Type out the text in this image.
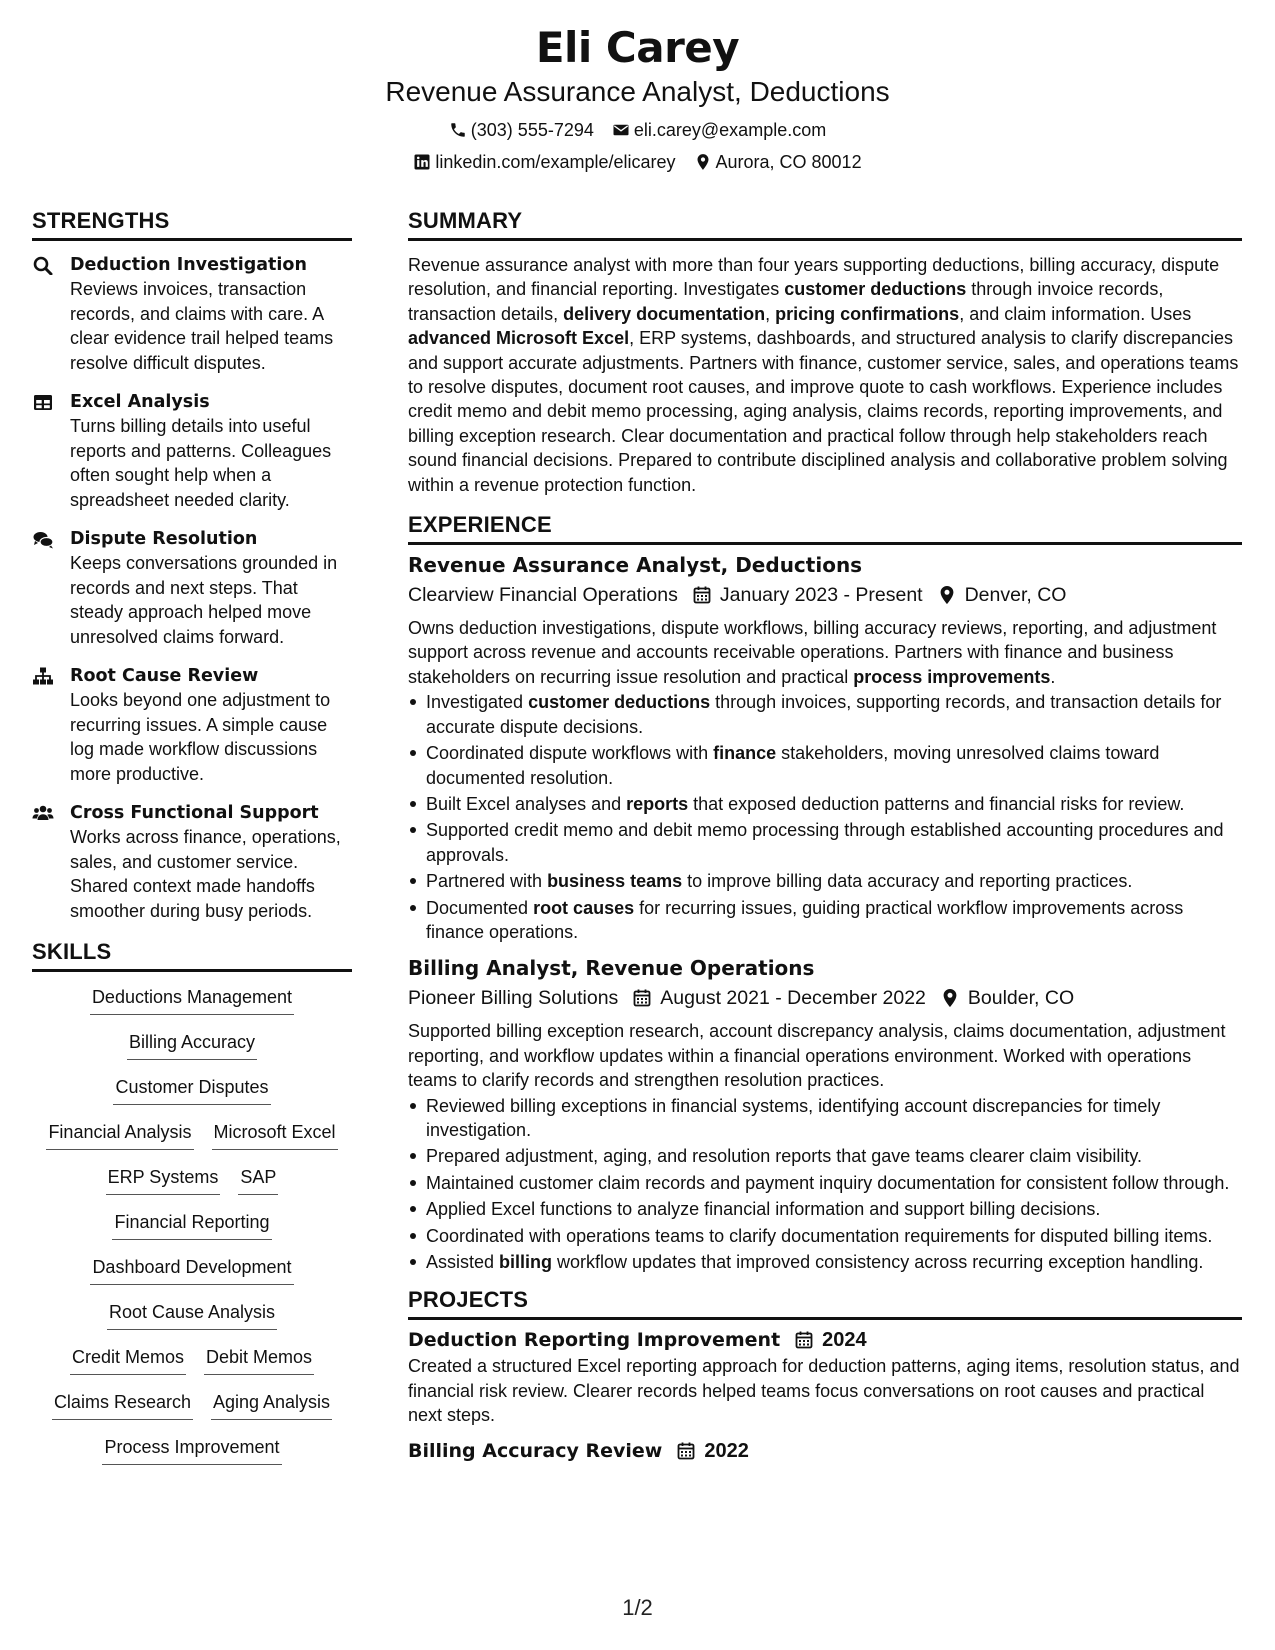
Eli Carey
Revenue Assurance Analyst, Deductions
(303) 555-7294 eli.carey@example.com
linkedin.com/example/elicarey Aurora, CO 80012
STRENGTHS
Deduction Investigation
Reviews invoices, transaction records, and claims with care. A clear evidence trail helped teams resolve difficult disputes.
Excel Analysis
Turns billing details into useful reports and patterns. Colleagues often sought help when a spreadsheet needed clarity.
Dispute Resolution
Keeps conversations grounded in records and next steps. That steady approach helped move unresolved claims forward.
Root Cause Review
Looks beyond one adjustment to recurring issues. A simple cause log made workflow discussions more productive.
Cross Functional Support
Works across finance, operations, sales, and customer service. Shared context made handoffs smoother during busy periods.
SKILLS
Deductions Management
Billing Accuracy
Customer Disputes
Financial Analysis Microsoft Excel
ERP Systems SAP
Financial Reporting
Dashboard Development
Root Cause Analysis
Credit Memos Debit Memos
Claims Research Aging Analysis
Process Improvement
SUMMARY
Revenue assurance analyst with more than four years supporting deductions, billing accuracy, dispute resolution, and financial reporting. Investigates customer deductions through invoice records, transaction details, delivery documentation, pricing confirmations, and claim information. Uses advanced Microsoft Excel, ERP systems, dashboards, and structured analysis to clarify discrepancies and support accurate adjustments. Partners with finance, customer service, sales, and operations teams to resolve disputes, document root causes, and improve quote to cash workflows. Experience includes credit memo and debit memo processing, aging analysis, claims records, reporting improvements, and billing exception research. Clear documentation and practical follow through help stakeholders reach sound financial decisions. Prepared to contribute disciplined analysis and collaborative problem solving within a revenue protection function.
EXPERIENCE
Revenue Assurance Analyst, Deductions
Clearview Financial Operations January 2023 - Present Denver, CO
Owns deduction investigations, dispute workflows, billing accuracy reviews, reporting, and adjustment support across revenue and accounts receivable operations. Partners with finance and business stakeholders on recurring issue resolution and practical process improvements.
Investigated customer deductions through invoices, supporting records, and transaction details for accurate dispute decisions.
Coordinated dispute workflows with finance stakeholders, moving unresolved claims toward documented resolution.
Built Excel analyses and reports that exposed deduction patterns and financial risks for review.
Supported credit memo and debit memo processing through established accounting procedures and approvals.
Partnered with business teams to improve billing data accuracy and reporting practices.
Documented root causes for recurring issues, guiding practical workflow improvements across finance operations.
Billing Analyst, Revenue Operations
Pioneer Billing Solutions August 2021 - December 2022 Boulder, CO
Supported billing exception research, account discrepancy analysis, claims documentation, adjustment reporting, and workflow updates within a financial operations environment. Worked with operations teams to clarify records and strengthen resolution practices.
Reviewed billing exceptions in financial systems, identifying account discrepancies for timely investigation.
Prepared adjustment, aging, and resolution reports that gave teams clearer claim visibility.
Maintained customer claim records and payment inquiry documentation for consistent follow through.
Applied Excel functions to analyze financial information and support billing decisions.
Coordinated with operations teams to clarify documentation requirements for disputed billing items.
Assisted billing workflow updates that improved consistency across recurring exception handling.
PROJECTS
Deduction Reporting Improvement 2024
Created a structured Excel reporting approach for deduction patterns, aging items, resolution status, and financial risk review. Clearer records helped teams focus conversations on root causes and practical next steps.
Billing Accuracy Review 2022
1/2
